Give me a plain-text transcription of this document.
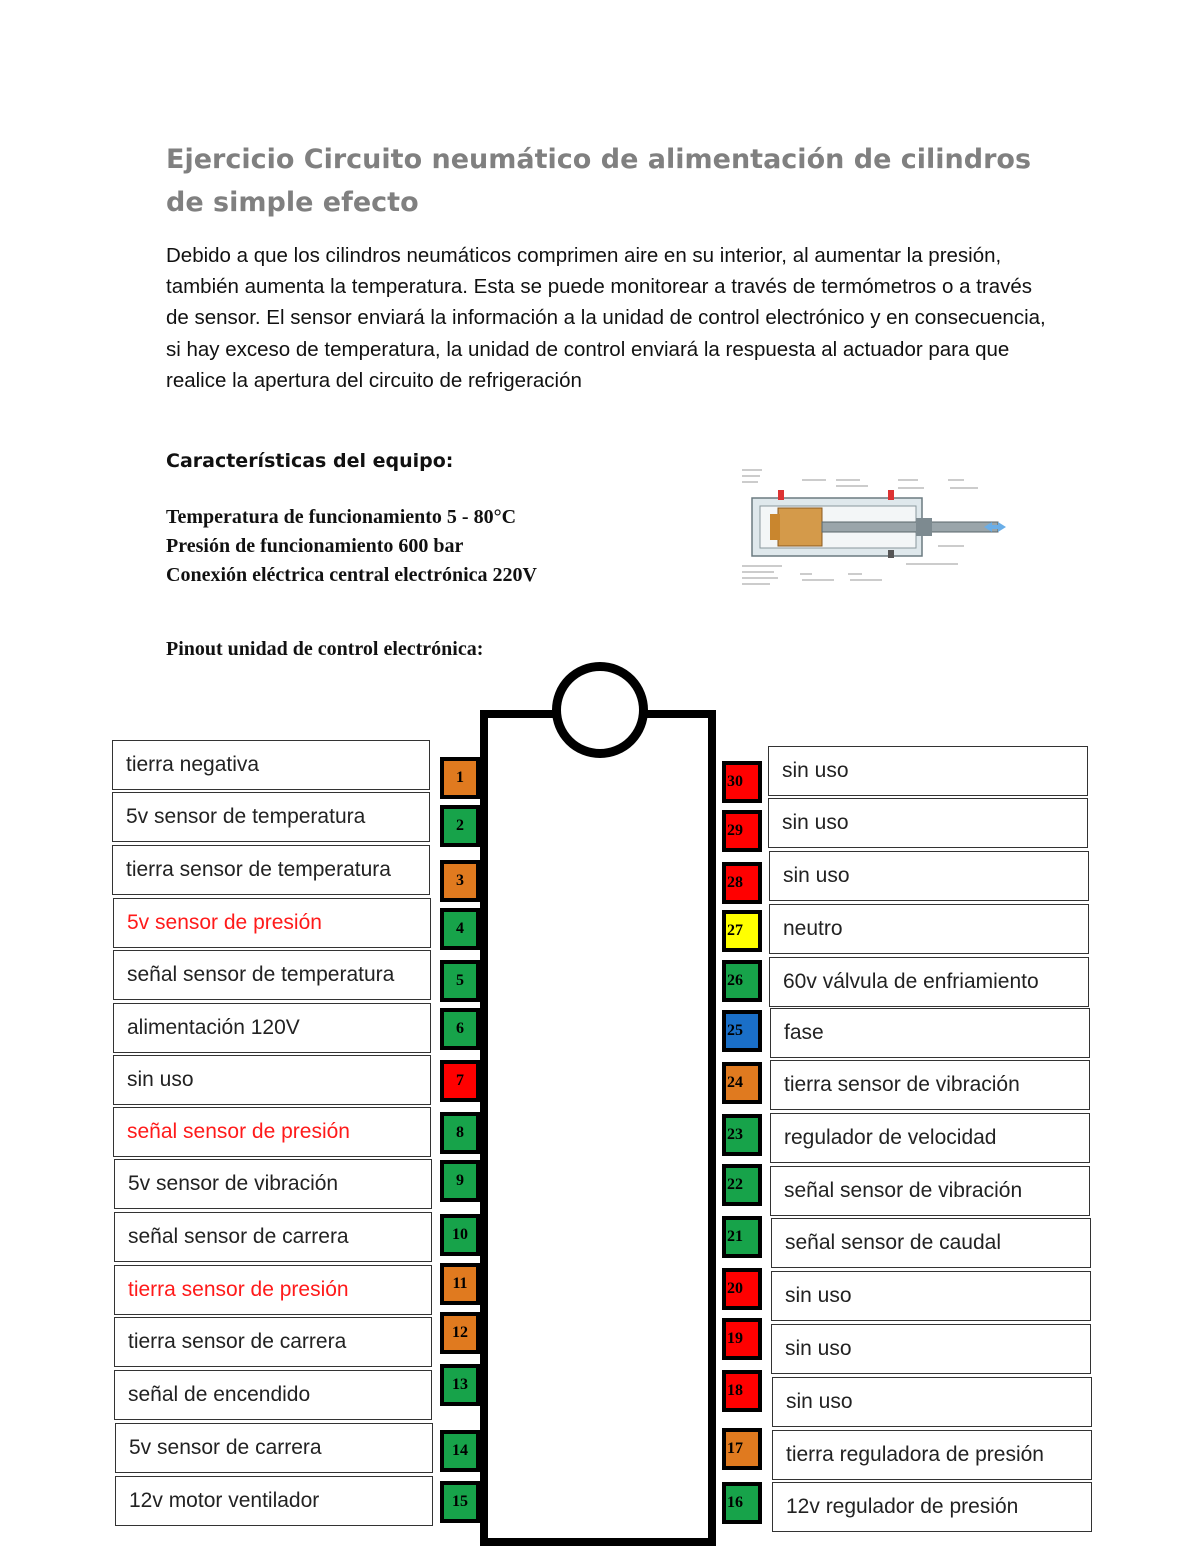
Ejercicio Circuito neumático de alimentación de cilindros de simple efecto

Debido a que los cilindros neumáticos comprimen aire en su interior, al aumentar la presión, también aumenta la temperatura. Esta se puede monitorear a través de termómetros o a través de sensor. El sensor enviará la información a la unidad de control electrónico y en consecuencia, si hay exceso de temperatura, la unidad de control enviará la respuesta al actuador para que realice la apertura del circuito de refrigeración

Características del equipo:
Temperatura de funcionamiento 5 - 80°C
Presión de funcionamiento 600 bar
Conexión eléctrica central electrónica 220V
Pinout unidad de control electrónica:
1
tierra negativa
2
5v sensor de temperatura
3
tierra sensor de temperatura
4
5v sensor de presión
5
señal sensor de temperatura
6
alimentación 120V
7
sin uso
8
señal sensor de presión
9
5v sensor de vibración
10
señal sensor de carrera
11
tierra sensor de presión
12
tierra sensor de carrera
13
señal de encendido
14
5v sensor de carrera
15
12v motor ventilador
30	sin uso
29	sin uso
28	sin uso
27	neutro
26	60v válvula de enfriamiento
25	fase
24	tierra sensor de vibración
23	regulador de velocidad
22	señal sensor de vibración
21	señal sensor de caudal
20	sin uso
19	sin uso
18	sin uso
17	tierra reguladora de presión
16	12v regulador de presión
